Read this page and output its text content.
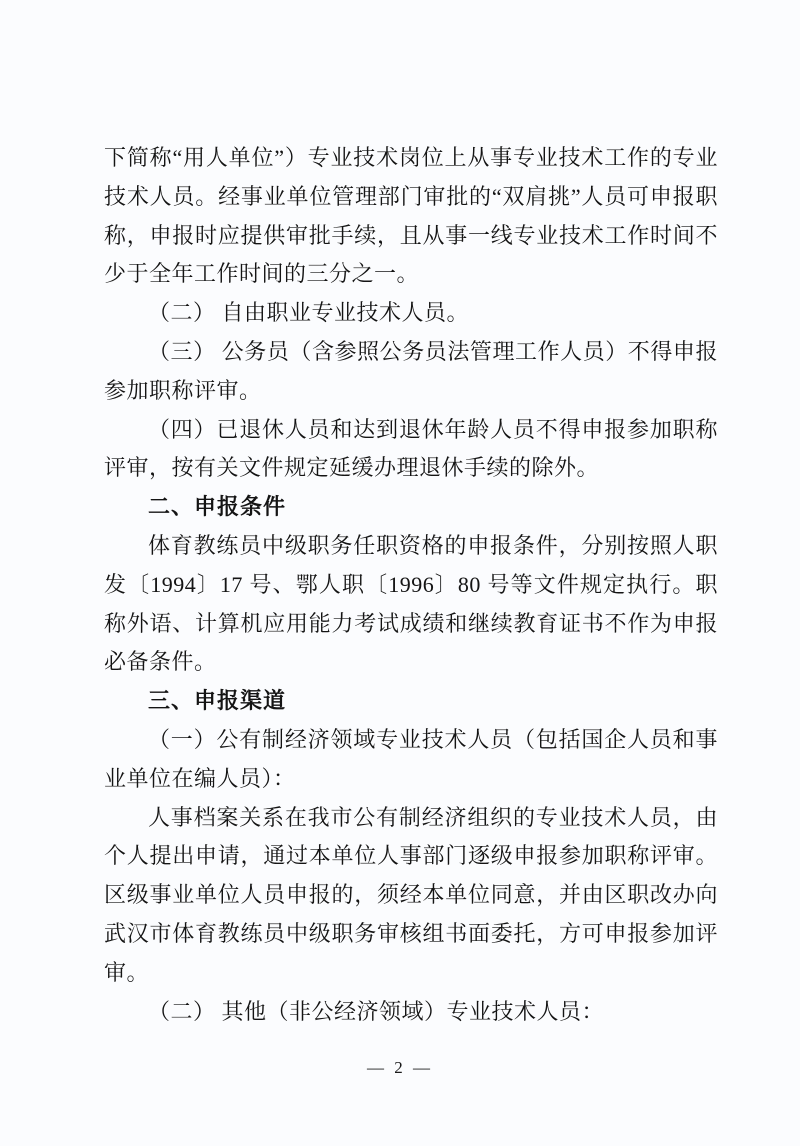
下简称“用人单位”）专业技术岗位上从事专业技术工作的专业技术人员。经事业单位管理部门审批的“双肩挑”人员可申报职称，申报时应提供审批手续，且从事一线专业技术工作时间不少于全年工作时间的三分之一。

（二） 自由职业专业技术人员。

（三） 公务员（含参照公务员法管理工作人员）不得申报参加职称评审。

（四）已退休人员和达到退休年龄人员不得申报参加职称评审，按有关文件规定延缓办理退休手续的除外。

二、申报条件

体育教练员中级职务任职资格的申报条件，分别按照人职发〔1994〕17 号、鄂人职〔1996〕80 号等文件规定执行。职称外语、计算机应用能力考试成绩和继续教育证书不作为申报必备条件。

三、申报渠道

（一）公有制经济领域专业技术人员（包括国企人员和事业单位在编人员）：

人事档案关系在我市公有制经济组织的专业技术人员，由个人提出申请，通过本单位人事部门逐级申报参加职称评审。区级事业单位人员申报的，须经本单位同意，并由区职改办向武汉市体育教练员中级职务审核组书面委托，方可申报参加评审。

（二） 其他（非公经济领域）专业技术人员：

— 2 —
